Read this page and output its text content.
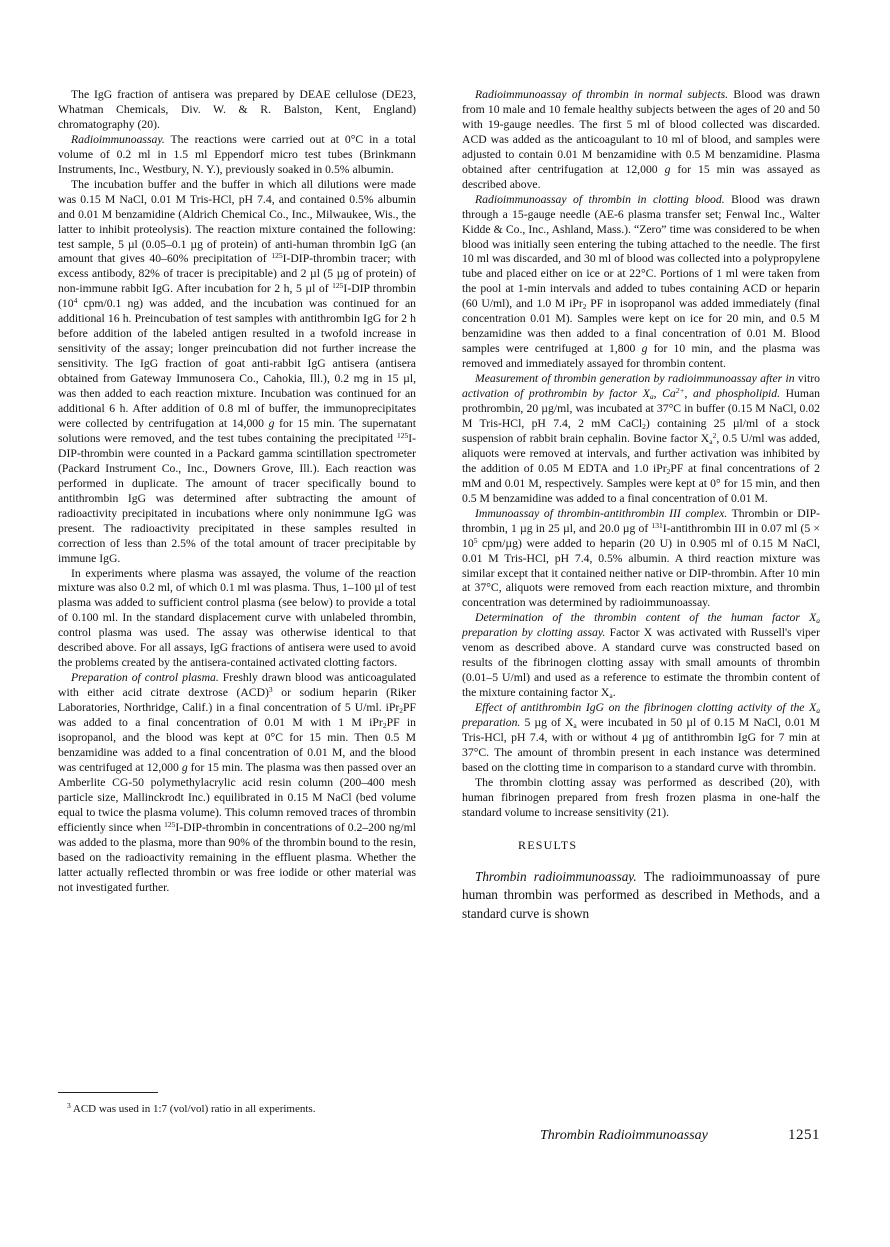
The IgG fraction of antisera was prepared by DEAE cellulose (DE23, Whatman Chemicals, Div. W. & R. Balston, Kent, England) chromatography (20).

Radioimmunoassay. The reactions were carried out at 0°C in a total volume of 0.2 ml in 1.5 ml Eppendorf micro test tubes (Brinkmann Instruments, Inc., Westbury, N. Y.), previously soaked in 0.5% albumin.

The incubation buffer and the buffer in which all dilutions were made was 0.15 M NaCl, 0.01 M Tris-HCl, pH 7.4, and contained 0.5% albumin and 0.01 M benzamidine (Aldrich Chemical Co., Inc., Milwaukee, Wis., the latter to inhibit proteolysis). The reaction mixture contained the following: test sample, 5 µl (0.05–0.1 µg of protein) of anti-human thrombin IgG (an amount that gives 40–60% precipitation of $^{125}$I-DIP-thrombin tracer; with excess antibody, 82% of tracer is precipitable) and 2 µl (5 µg of protein) of non-immune rabbit IgG. After incubation for 2 h, 5 µl of $^{125}$I-DIP thrombin ($10^4$ cpm/0.1 ng) was added, and the incubation was continued for an additional 16 h. Preincubation of test samples with antithrombin IgG for 2 h before addition of the labeled antigen resulted in a twofold increase in sensitivity of the assay; longer preincubation did not further increase the sensitivity. The IgG fraction of goat anti-rabbit IgG antisera (antisera obtained from Gateway Immunosera Co., Cahokia, Ill.), 0.2 mg in 15 µl, was then added to each reaction mixture. Incubation was continued for an additional 6 h. After addition of 0.8 ml of buffer, the immunoprecipitates were collected by centrifugation at 14,000 g for 15 min. The supernatant solutions were removed, and the test tubes containing the precipitated $^{125}$I-DIP-thrombin were counted in a Packard gamma scintillation spectrometer (Packard Instrument Co., Inc., Downers Grove, Ill.). Each reaction was performed in duplicate. The amount of tracer specifically bound to antithrombin IgG was determined after subtracting the amount of radioactivity precipitated in incubations where only nonimmune IgG was present. The radioactivity precipitated in these samples resulted in correction of less than 2.5% of the total amount of tracer precipitable by immune IgG.

In experiments where plasma was assayed, the volume of the reaction mixture was also 0.2 ml, of which 0.1 ml was plasma. Thus, 1–100 µl of test plasma was added to sufficient control plasma (see below) to provide a total of 0.100 ml. In the standard displacement curve with unlabeled thrombin, control plasma was used. The assay was otherwise identical to that described above. For all assays, IgG fractions of antisera were used to avoid the problems created by the antisera-contained activated clotting factors.

Preparation of control plasma. Freshly drawn blood was anticoagulated with either acid citrate dextrose (ACD)$^3$ or sodium heparin (Riker Laboratories, Northridge, Calif.) in a final concentration of 5 U/ml. iPr$_2$PF was added to a final concentration of 0.01 M with 1 M iPr$_2$PF in isopropanol, and the blood was kept at 0°C for 15 min. Then 0.5 M benzamidine was added to a final concentration of 0.01 M, and the blood was centrifuged at 12,000 g for 15 min. The plasma was then passed over an Amberlite CG-50 polymethylacrylic acid resin column (200–400 mesh particle size, Mallinckrodt Inc.) equilibrated in 0.15 M NaCl (bed volume equal to twice the plasma volume). This column removed traces of thrombin efficiently since when $^{125}$I-DIP-thrombin in concentrations of 0.2–200 ng/ml was added to the plasma, more than 90% of the thrombin bound to the resin, based on the radioactivity remaining in the effluent plasma. Whether the latter actually reflected thrombin or was free iodide or other material was not investigated further.

$^3$ ACD was used in 1:7 (vol/vol) ratio in all experiments.

Radioimmunoassay of thrombin in normal subjects. Blood was drawn from 10 male and 10 female healthy subjects between the ages of 20 and 50 with 19-gauge needles. The first 5 ml of blood collected was discarded. ACD was added as the anticoagulant to 10 ml of blood, and samples were adjusted to contain 0.01 M benzamidine with 0.5 M benzamidine. Plasma obtained after centrifugation at 12,000 g for 15 min was assayed as described above.

Radioimmunoassay of thrombin in clotting blood. Blood was drawn through a 15-gauge needle (AE-6 plasma transfer set; Fenwal Inc., Walter Kidde & Co., Inc., Ashland, Mass.). “Zero” time was considered to be when blood was initially seen entering the tubing attached to the needle. The first 10 ml was discarded, and 30 ml of blood was collected into a polypropylene tube and placed either on ice or at 22°C. Portions of 1 ml were taken from the pool at 1-min intervals and added to tubes containing ACD or heparin (60 U/ml), and 1.0 M iPr$_2$ PF in isopropanol was added immediately (final concentration 0.01 M). Samples were kept on ice for 20 min, and 0.5 M benzamidine was then added to a final concentration of 0.01 M. Blood samples were centrifuged at 1,800 g for 10 min, and the plasma was removed and immediately assayed for thrombin content.

Measurement of thrombin generation by radioimmunoassay after in vitro activation of prothrombin by factor $X_a$, $Ca^{2+}$, and phospholipid. Human prothrombin, 20 µg/ml, was incubated at 37°C in buffer (0.15 M NaCl, 0.02 M Tris-HCl, pH 7.4, 2 mM CaCl$_2$) containing 25 µl/ml of a stock suspension of rabbit brain cephalin. Bovine factor $X_a^2$, 0.5 U/ml was added, aliquots were removed at intervals, and further activation was inhibited by the addition of 0.05 M EDTA and 1.0 iPr$_2$PF at final concentrations of 2 mM and 0.01 M, respectively. Samples were kept at 0° for 15 min, and then 0.5 M benzamidine was added to a final concentration of 0.01 M.

Immunoassay of thrombin-antithrombin III complex. Thrombin or DIP-thrombin, 1 µg in 25 µl, and 20.0 µg of $^{131}$I-antithrombin III in 0.07 ml ($5 \times 10^5$ cpm/µg) were added to heparin (20 U) in 0.905 ml of 0.15 M NaCl, 0.01 M Tris-HCl, pH 7.4, 0.5% albumin. A third reaction mixture was similar except that it contained neither native or DIP-thrombin. After 10 min at 37°C, aliquots were removed from each reaction mixture, and thrombin concentration was determined by radioimmunoassay.

Determination of the thrombin content of the human factor $X_a$ preparation by clotting assay. Factor X was activated with Russell's viper venom as described above. A standard curve was constructed based on results of the fibrinogen clotting assay with small amounts of thrombin (0.01–5 U/ml) and used as a reference to estimate the thrombin content of the mixture containing factor $X_a$.

Effect of antithrombin IgG on the fibrinogen clotting activity of the $X_a$ preparation. 5 µg of $X_a$ were incubated in 50 µl of 0.15 M NaCl, 0.01 M Tris-HCl, pH 7.4, with or without 4 µg of antithrombin IgG for 7 min at 37°C. The amount of thrombin present in each instance was determined based on the clotting time in comparison to a standard curve with thrombin.

The thrombin clotting assay was performed as described (20), with human fibrinogen prepared from fresh frozen plasma in one-half the standard volume to increase sensitivity (21).

RESULTS

Thrombin radioimmunoassay. The radioimmunoassay of pure human thrombin was performed as described in Methods, and a standard curve is shown

Thrombin Radioimmunoassay	1251
